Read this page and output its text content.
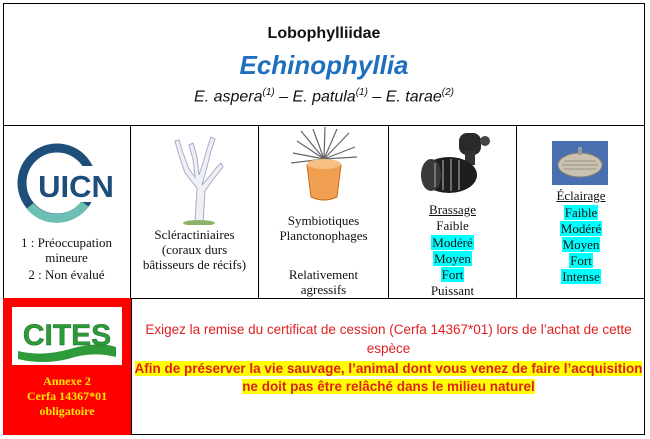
Lobophylliidae
Echinophyllia
E. aspera$^{(1)}$ – E. patula$^{(1)}$ – E. tarae$^{(2)}$
UICN
1 : Préoccupation mineure
2 : Non évalué
Scléractiniaires (coraux durs bâtisseurs de récifs)
Symbiotiques Planctonophages
Relativement agressifs
Brassage
Faible
Modéré
Moyen
Fort
Puissant
Éclairage
Faible
Modéré
Moyen
Fort
Intense
CITES
Annexe 2
Cerfa 14367*01
obligatoire
Exigez la remise du certificat de cession (Cerfa 14367*01) lors de l’achat de cette espèce
Afin de préserver la vie sauvage, l’animal dont vous venez de faire l’acquisition ne doit pas être relâché dans le milieu naturel
